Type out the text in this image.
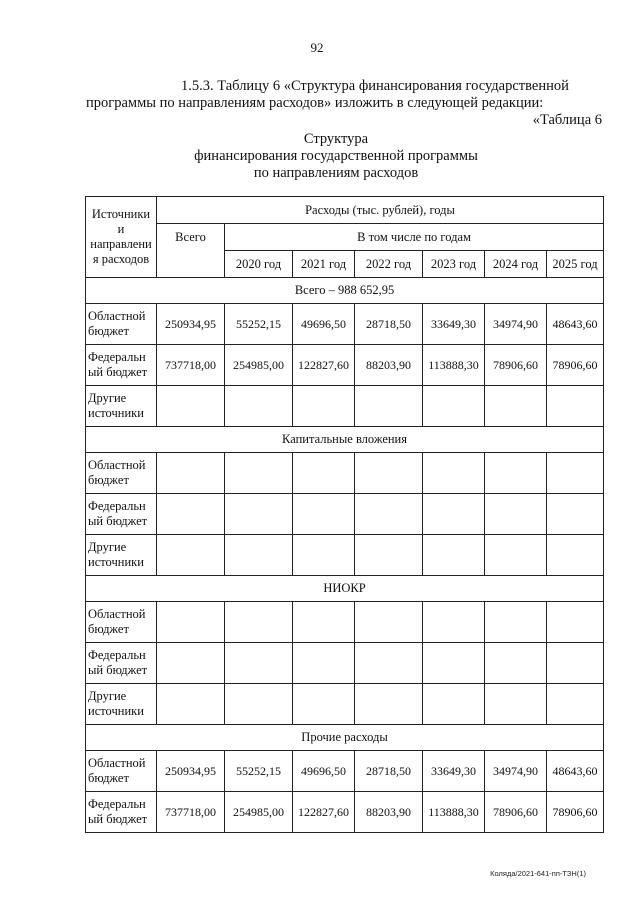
92
1.5.3. Таблицу 6 «Структура финансирования государственной
программы по направлениям расходов» изложить в следующей редакции:
«Таблица 6
Структура
финансирования государственной программы
по направлениям расходов
Источники и направлени я расходов	Расходы (тыс. рублей), годы						
	Всего	В том числе по годам					
		2020 год	2021 год	2022 год	2023 год	2024 год	2025 год
Всего – 988 652,95							
Областной бюджет	250934,95	55252,15	49696,50	28718,50	33649,30	34974,90	48643,60
Федеральн ый бюджет	737718,00	254985,00	122827,60	88203,90	113888,30	78906,60	78906,60
Другие источники							
Капитальные вложения							
Областной бюджет							
Федеральн ый бюджет							
Другие источники							
НИОКР							
Областной бюджет							
Федеральн ый бюджет							
Другие источники							
Прочие расходы							
Областной бюджет	250934,95	55252,15	49696,50	28718,50	33649,30	34974,90	48643,60
Федеральн ый бюджет	737718,00	254985,00	122827,60	88203,90	113888,30	78906,60	78906,60
Коляда/2021-641-пп-ТЗН(1)
